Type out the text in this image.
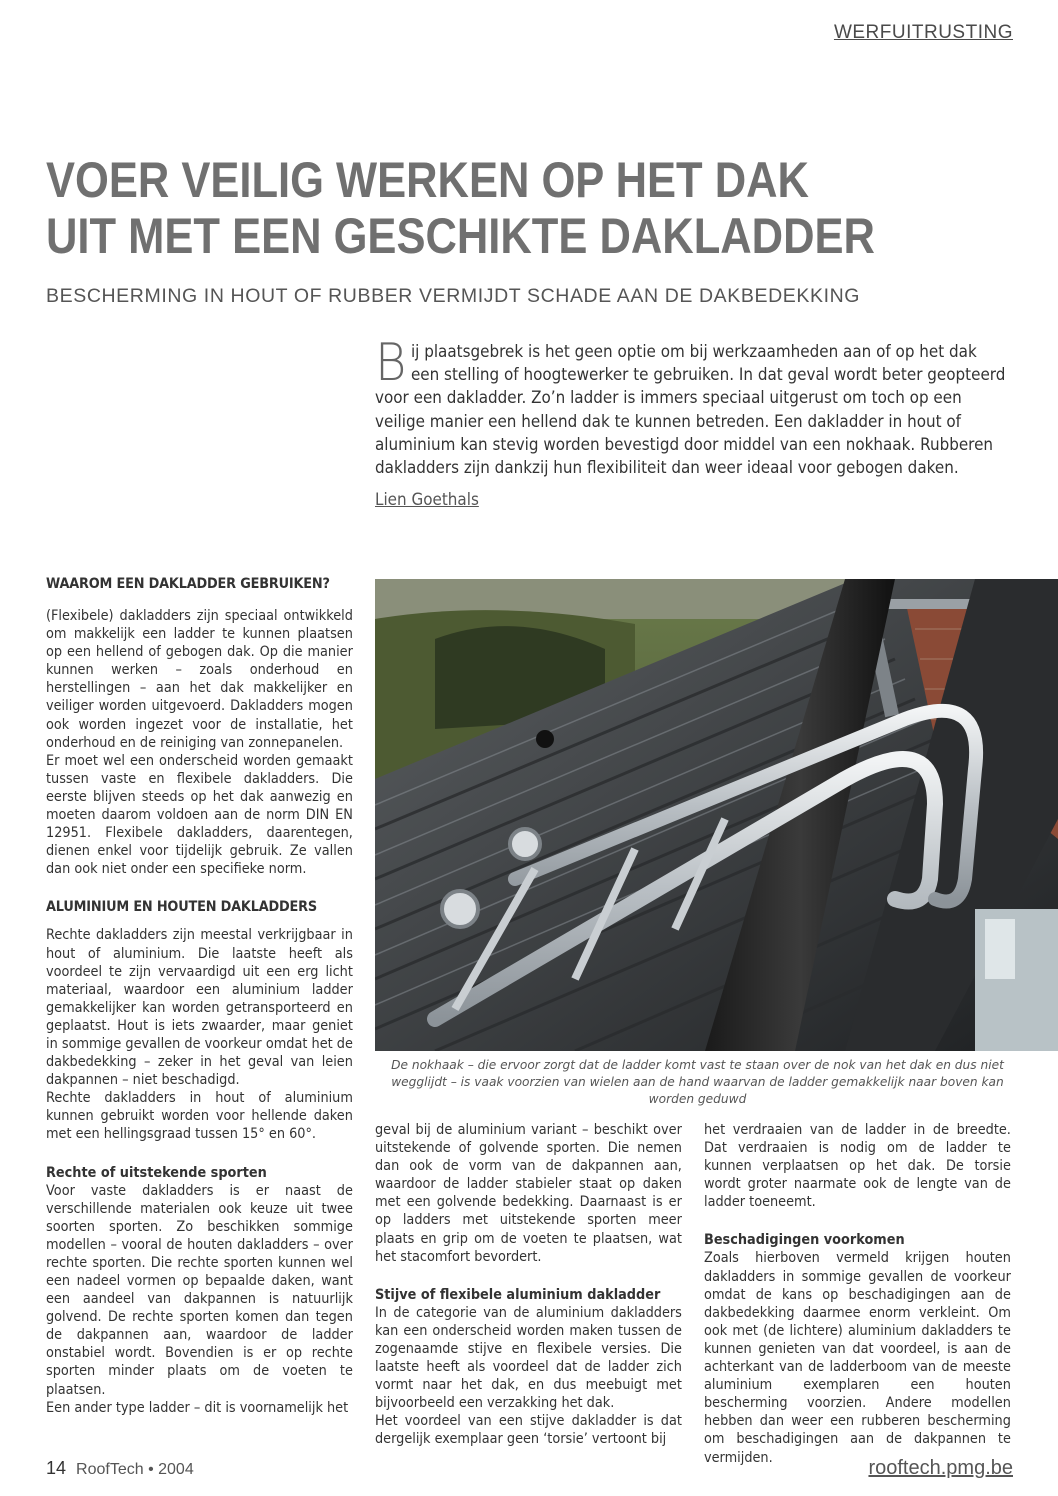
WERFUITRUSTING
VOER VEILIG WERKEN OP HET DAK
UIT MET EEN GESCHIKTE DAKLADDER
BESCHERMING IN HOUT OF RUBBER VERMIJDT SCHADE AAN DE DAKBEDEKKING

Bij plaatsgebrek is het geen optie om bij werkzaamheden aan of op het dak een stelling of hoogtewerker te gebruiken. In dat geval wordt beter geopteerd voor een dakladder. Zo’n ladder is immers speciaal uitgerust om toch op een veilige manier een hellend dak te kunnen betreden. Een dakladder in hout of aluminium kan stevig worden bevestigd door middel van een nokhaak. Rubberen dakladders zijn dankzij hun flexibiliteit dan weer ideaal voor gebogen daken.

Lien Goethals
WAAROM EEN DAKLADDER GEBRUIKEN?

(Flexibele) dakladders zijn speciaal ontwikkeld om makkelijk een ladder te kunnen plaatsen op een hellend of gebogen dak. Op die manier kunnen werken – zoals onderhoud en herstellingen – aan het dak makkelijker en veiliger worden uitgevoerd. Dakladders mogen ook worden ingezet voor de installatie, het onderhoud en de reiniging van zonnepanelen.

Er moet wel een onderscheid worden gemaakt tussen vaste en flexibele dakladders. Die eerste blijven steeds op het dak aanwezig en moeten daarom voldoen aan de norm DIN EN 12951. Flexibele dakladders, daarentegen, dienen enkel voor tijdelijk gebruik. Ze vallen dan ook niet onder een specifieke norm.

ALUMINIUM EN HOUTEN DAKLADDERS

Rechte dakladders zijn meestal verkrijgbaar in hout of aluminium. Die laatste heeft als voordeel te zijn vervaardigd uit een erg licht materiaal, waardoor een aluminium ladder gemakkelijker kan worden getransporteerd en geplaatst. Hout is iets zwaarder, maar geniet in sommige gevallen de voorkeur omdat het de dakbedekking – zeker in het geval van leien dakpannen – niet beschadigd.

Rechte dakladders in hout of aluminium kunnen gebruikt worden voor hellende daken met een hellingsgraad tussen 15° en 60°.

Rechte of uitstekende sporten

Voor vaste dakladders is er naast de verschillende materialen ook keuze uit twee soorten sporten. Zo beschikken sommige modellen – vooral de houten dakladders – over rechte sporten. Die rechte sporten kunnen wel een nadeel vormen op bepaalde daken, want een aandeel van dakpannen is natuurlijk golvend. De rechte sporten komen dan tegen de dakpannen aan, waardoor de ladder onstabiel wordt. Bovendien is er op rechte sporten minder plaats om de voeten te plaatsen.

Een ander type ladder – dit is voornamelijk het

De nokhaak – die ervoor zorgt dat de ladder komt vast te staan over de nok van het dak en dus niet wegglijdt – is vaak voorzien van wielen aan de hand waarvan de ladder gemakkelijk naar boven kan worden geduwd

geval bij de aluminium variant – beschikt over uitstekende of golvende sporten. Die nemen dan ook de vorm van de dakpannen aan, waardoor de ladder stabieler staat op daken met een golvende bedekking. Daarnaast is er op ladders met uitstekende sporten meer plaats en grip om de voeten te plaatsen, wat het stacomfort bevordert.

Stijve of flexibele aluminium dakladder

In de categorie van de aluminium dakladders kan een onderscheid worden maken tussen de zogenaamde stijve en flexibele versies. Die laatste heeft als voordeel dat de ladder zich vormt naar het dak, en dus meebuigt met bijvoorbeeld een verzakking het dak.

Het voordeel van een stijve dakladder is dat dergelijk exemplaar geen ‘torsie’ vertoont bij

het verdraaien van de ladder in de breedte. Dat verdraaien is nodig om de ladder te kunnen verplaatsen op het dak. De torsie wordt groter naarmate ook de lengte van de ladder toeneemt.

Beschadigingen voorkomen

Zoals hierboven vermeld krijgen houten dakladders in sommige gevallen de voorkeur omdat de kans op beschadigingen aan de dakbedekking daarmee enorm verkleint. Om ook met (de lichtere) aluminium dakladders te kunnen genieten van dat voordeel, is aan de achterkant van de ladderboom van de meeste aluminium exemplaren een houten bescherming voorzien. Andere modellen hebben dan weer een rubberen bescherming om beschadigingen aan de dakpannen te vermijden.

14 RoofTech • 2004	rooftech.pmg.be
